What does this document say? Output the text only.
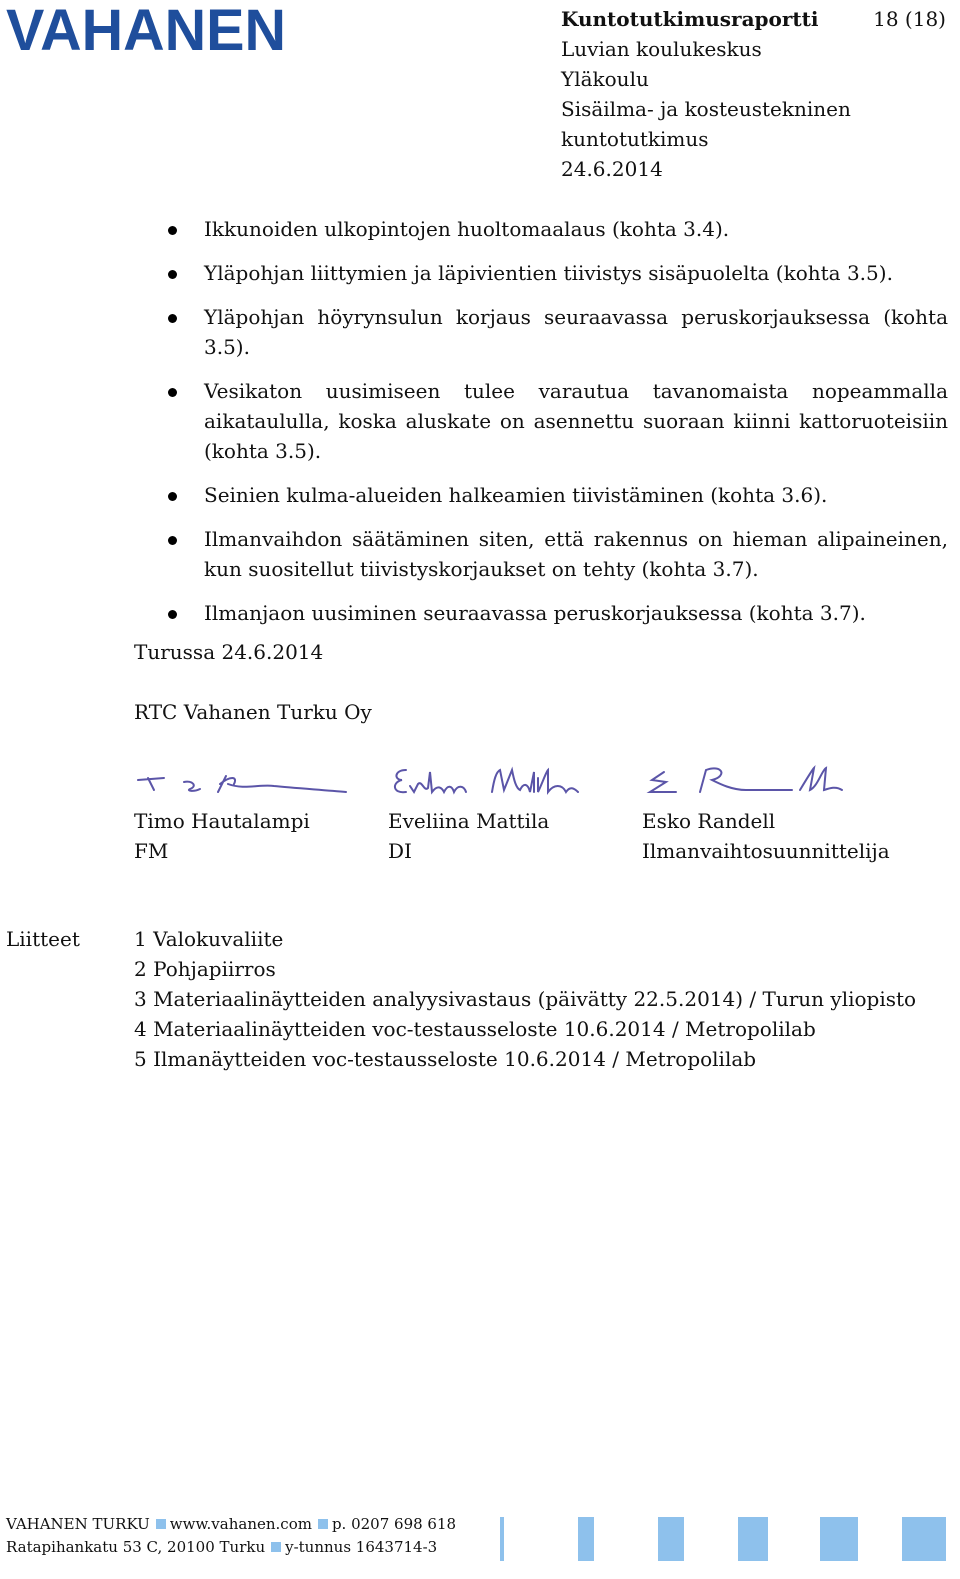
VAHANEN	Kuntotutkimusraportti	18 (18)
Luvian koulukeskus
Yläkoulu
Sisäilma- ja kosteustekninen
kuntotutkimus
24.6.2014
Ikkunoiden ulkopintojen huoltomaalaus (kohta 3.4).
Yläpohjan liittymien ja läpivientien tiivistys sisäpuolelta (kohta 3.5).
Yläpohjan höyrynsulun korjaus seuraavassa peruskorjauksessa (kohta 3.5).
Vesikaton uusimiseen tulee varautua tavanomaista nopeammalla aikataululla, koska aluskate on asennettu suoraan kiinni kattoruoteisiin (kohta 3.5).
Seinien kulma-alueiden halkeamien tiivistäminen (kohta 3.6).
Ilmanvaihdon säätäminen siten, että rakennus on hieman alipaineinen, kun suositellut tiivistyskorjaukset on tehty (kohta 3.7).
Ilmanjaon uusiminen seuraavassa peruskorjauksessa (kohta 3.7).
Turussa 24.6.2014
RTC Vahanen Turku Oy
Timo Hautalampi
FM
Eveliina Mattila
DI
Esko Randell
Ilmanvaihtosuunnittelija
Liitteet	1 Valokuvaliite
2 Pohjapiirros
3 Materiaalinäytteiden analyysivastaus (päivätty 22.5.2014) / Turun yliopisto
4 Materiaalinäytteiden voc-testausseloste 10.6.2014 / Metropolilab
5 Ilmanäytteiden voc-testausseloste 10.6.2014 / Metropolilab
VAHANEN TURKU www.vahanen.com p. 0207 698 618
Ratapihankatu 53 C, 20100 Turku y-tunnus 1643714-3
